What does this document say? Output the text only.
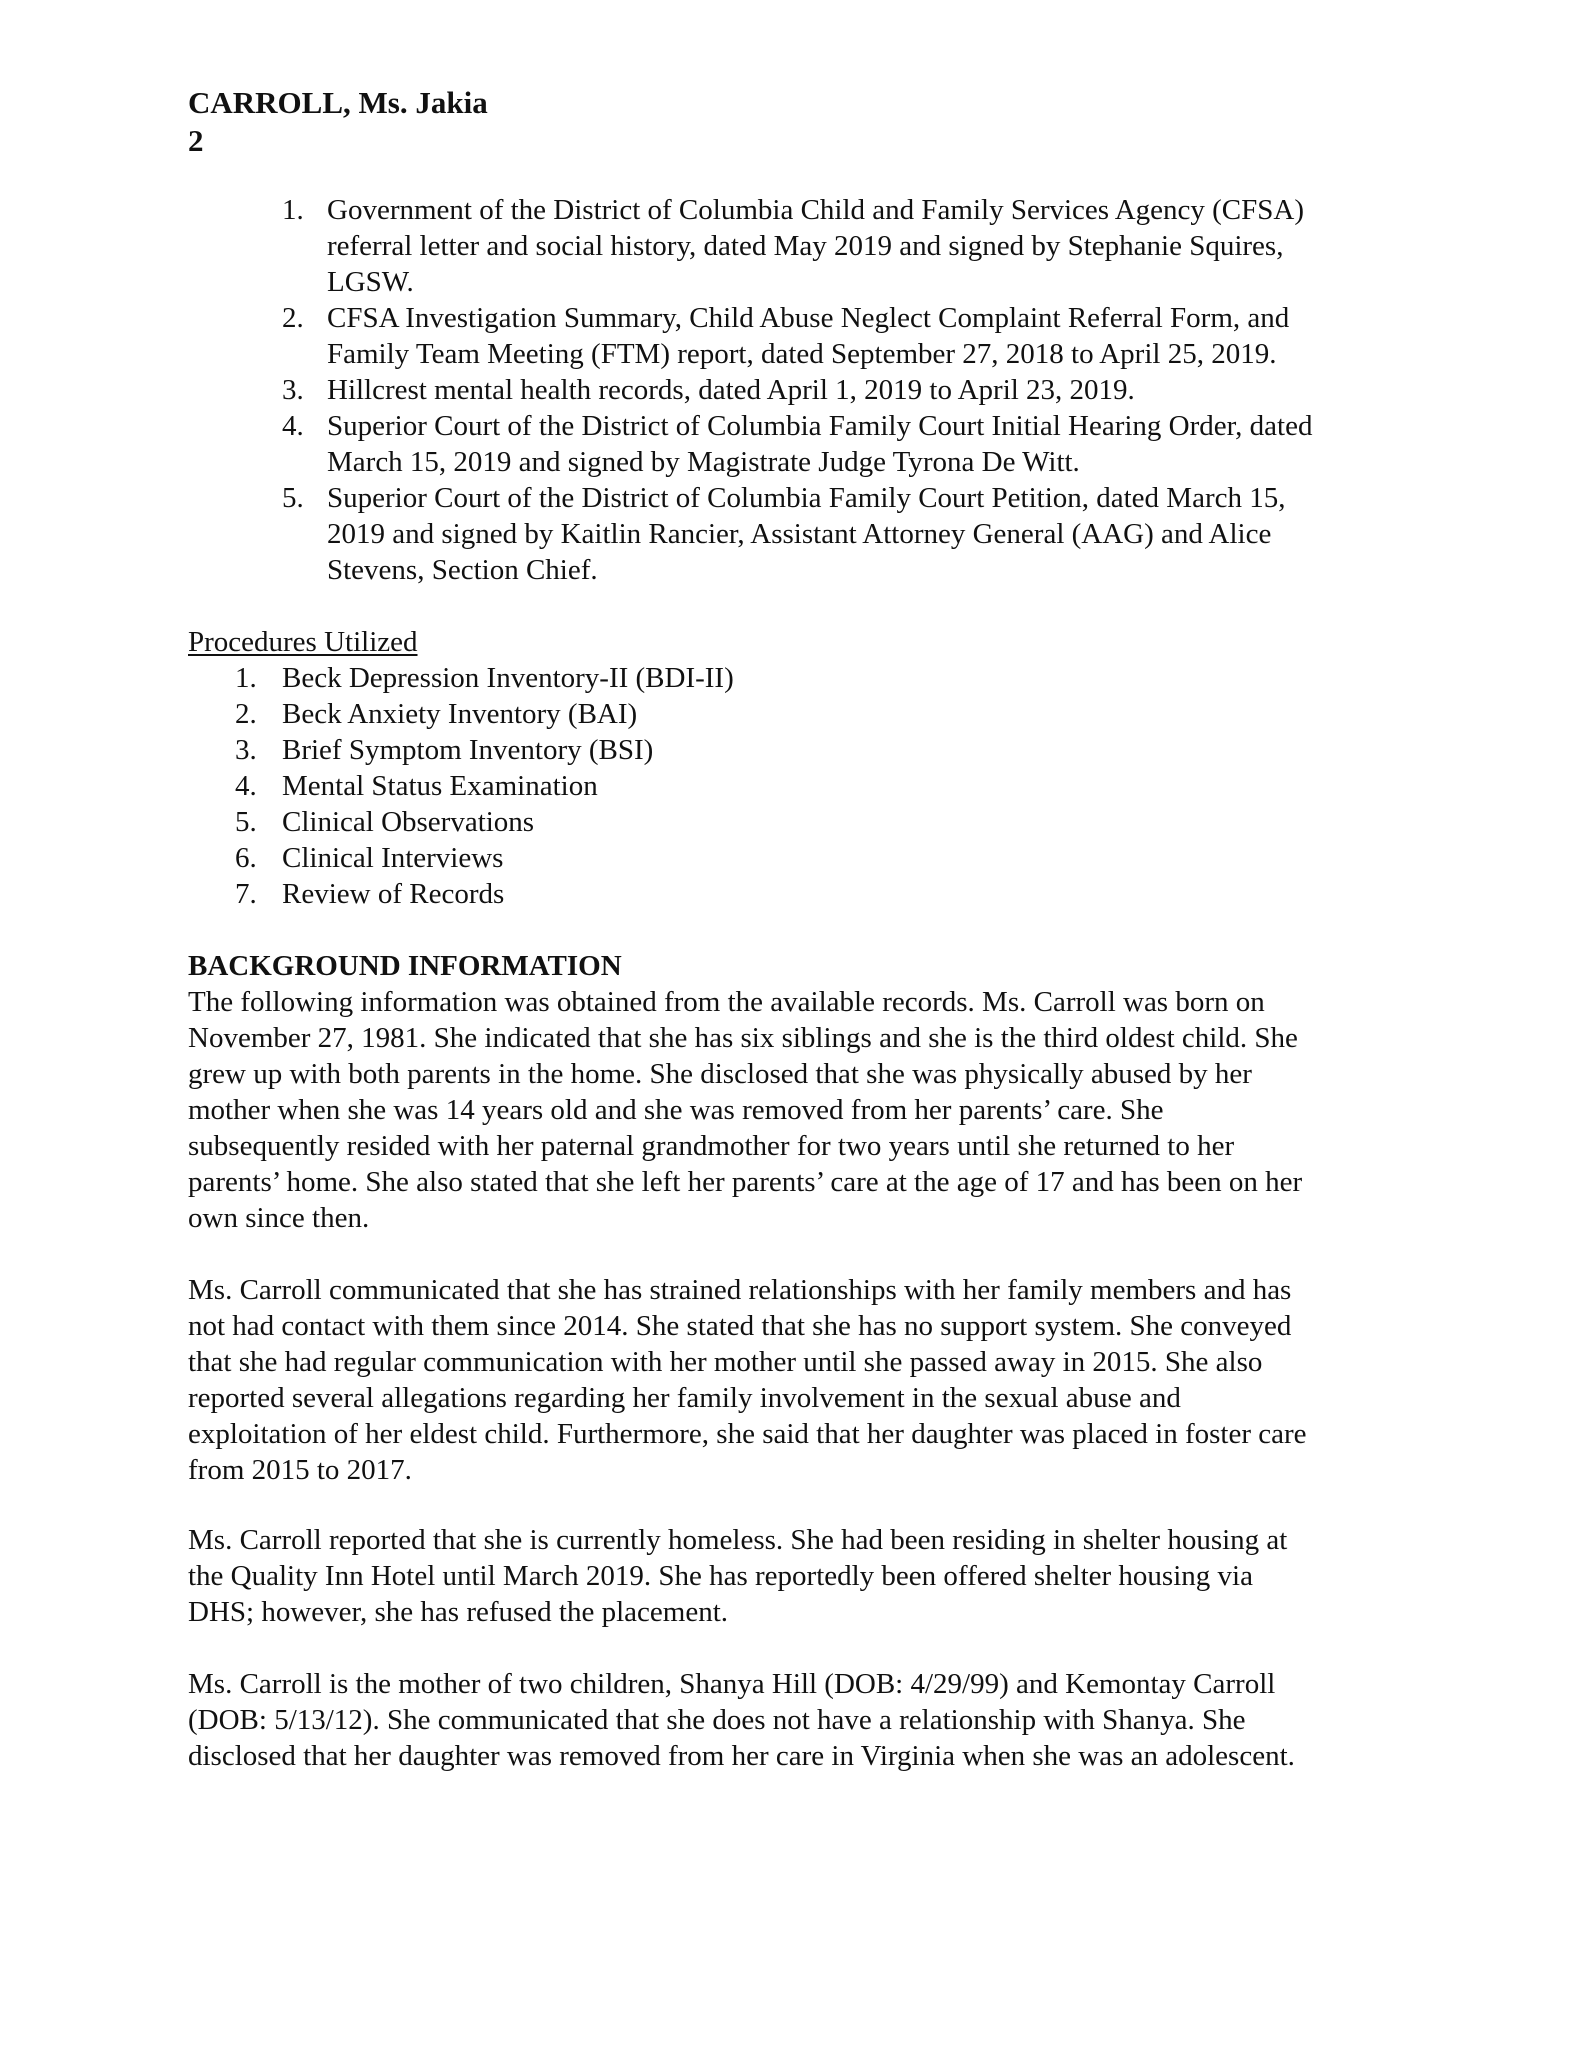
CARROLL, Ms. Jakia
2
1. Government of the District of Columbia Child and Family Services Agency (CFSA)
referral letter and social history, dated May 2019 and signed by Stephanie Squires,
LGSW.
2. CFSA Investigation Summary, Child Abuse Neglect Complaint Referral Form, and
Family Team Meeting (FTM) report, dated September 27, 2018 to April 25, 2019.
3. Hillcrest mental health records, dated April 1, 2019 to April 23, 2019.
4. Superior Court of the District of Columbia Family Court Initial Hearing Order, dated
March 15, 2019 and signed by Magistrate Judge Tyrona De Witt.
5. Superior Court of the District of Columbia Family Court Petition, dated March 15,
2019 and signed by Kaitlin Rancier, Assistant Attorney General (AAG) and Alice
Stevens, Section Chief.
Procedures Utilized
1. Beck Depression Inventory-II (BDI-II)
2. Beck Anxiety Inventory (BAI)
3. Brief Symptom Inventory (BSI)
4. Mental Status Examination
5. Clinical Observations
6. Clinical Interviews
7. Review of Records
BACKGROUND INFORMATION
The following information was obtained from the available records. Ms. Carroll was born on
November 27, 1981. She indicated that she has six siblings and she is the third oldest child. She
grew up with both parents in the home. She disclosed that she was physically abused by her
mother when she was 14 years old and she was removed from her parents’ care. She
subsequently resided with her paternal grandmother for two years until she returned to her
parents’ home. She also stated that she left her parents’ care at the age of 17 and has been on her
own since then.
Ms. Carroll communicated that she has strained relationships with her family members and has
not had contact with them since 2014. She stated that she has no support system. She conveyed
that she had regular communication with her mother until she passed away in 2015. She also
reported several allegations regarding her family involvement in the sexual abuse and
exploitation of her eldest child. Furthermore, she said that her daughter was placed in foster care
from 2015 to 2017.
Ms. Carroll reported that she is currently homeless. She had been residing in shelter housing at
the Quality Inn Hotel until March 2019. She has reportedly been offered shelter housing via
DHS; however, she has refused the placement.
Ms. Carroll is the mother of two children, Shanya Hill (DOB: 4/29/99) and Kemontay Carroll
(DOB: 5/13/12). She communicated that she does not have a relationship with Shanya. She
disclosed that her daughter was removed from her care in Virginia when she was an adolescent.
